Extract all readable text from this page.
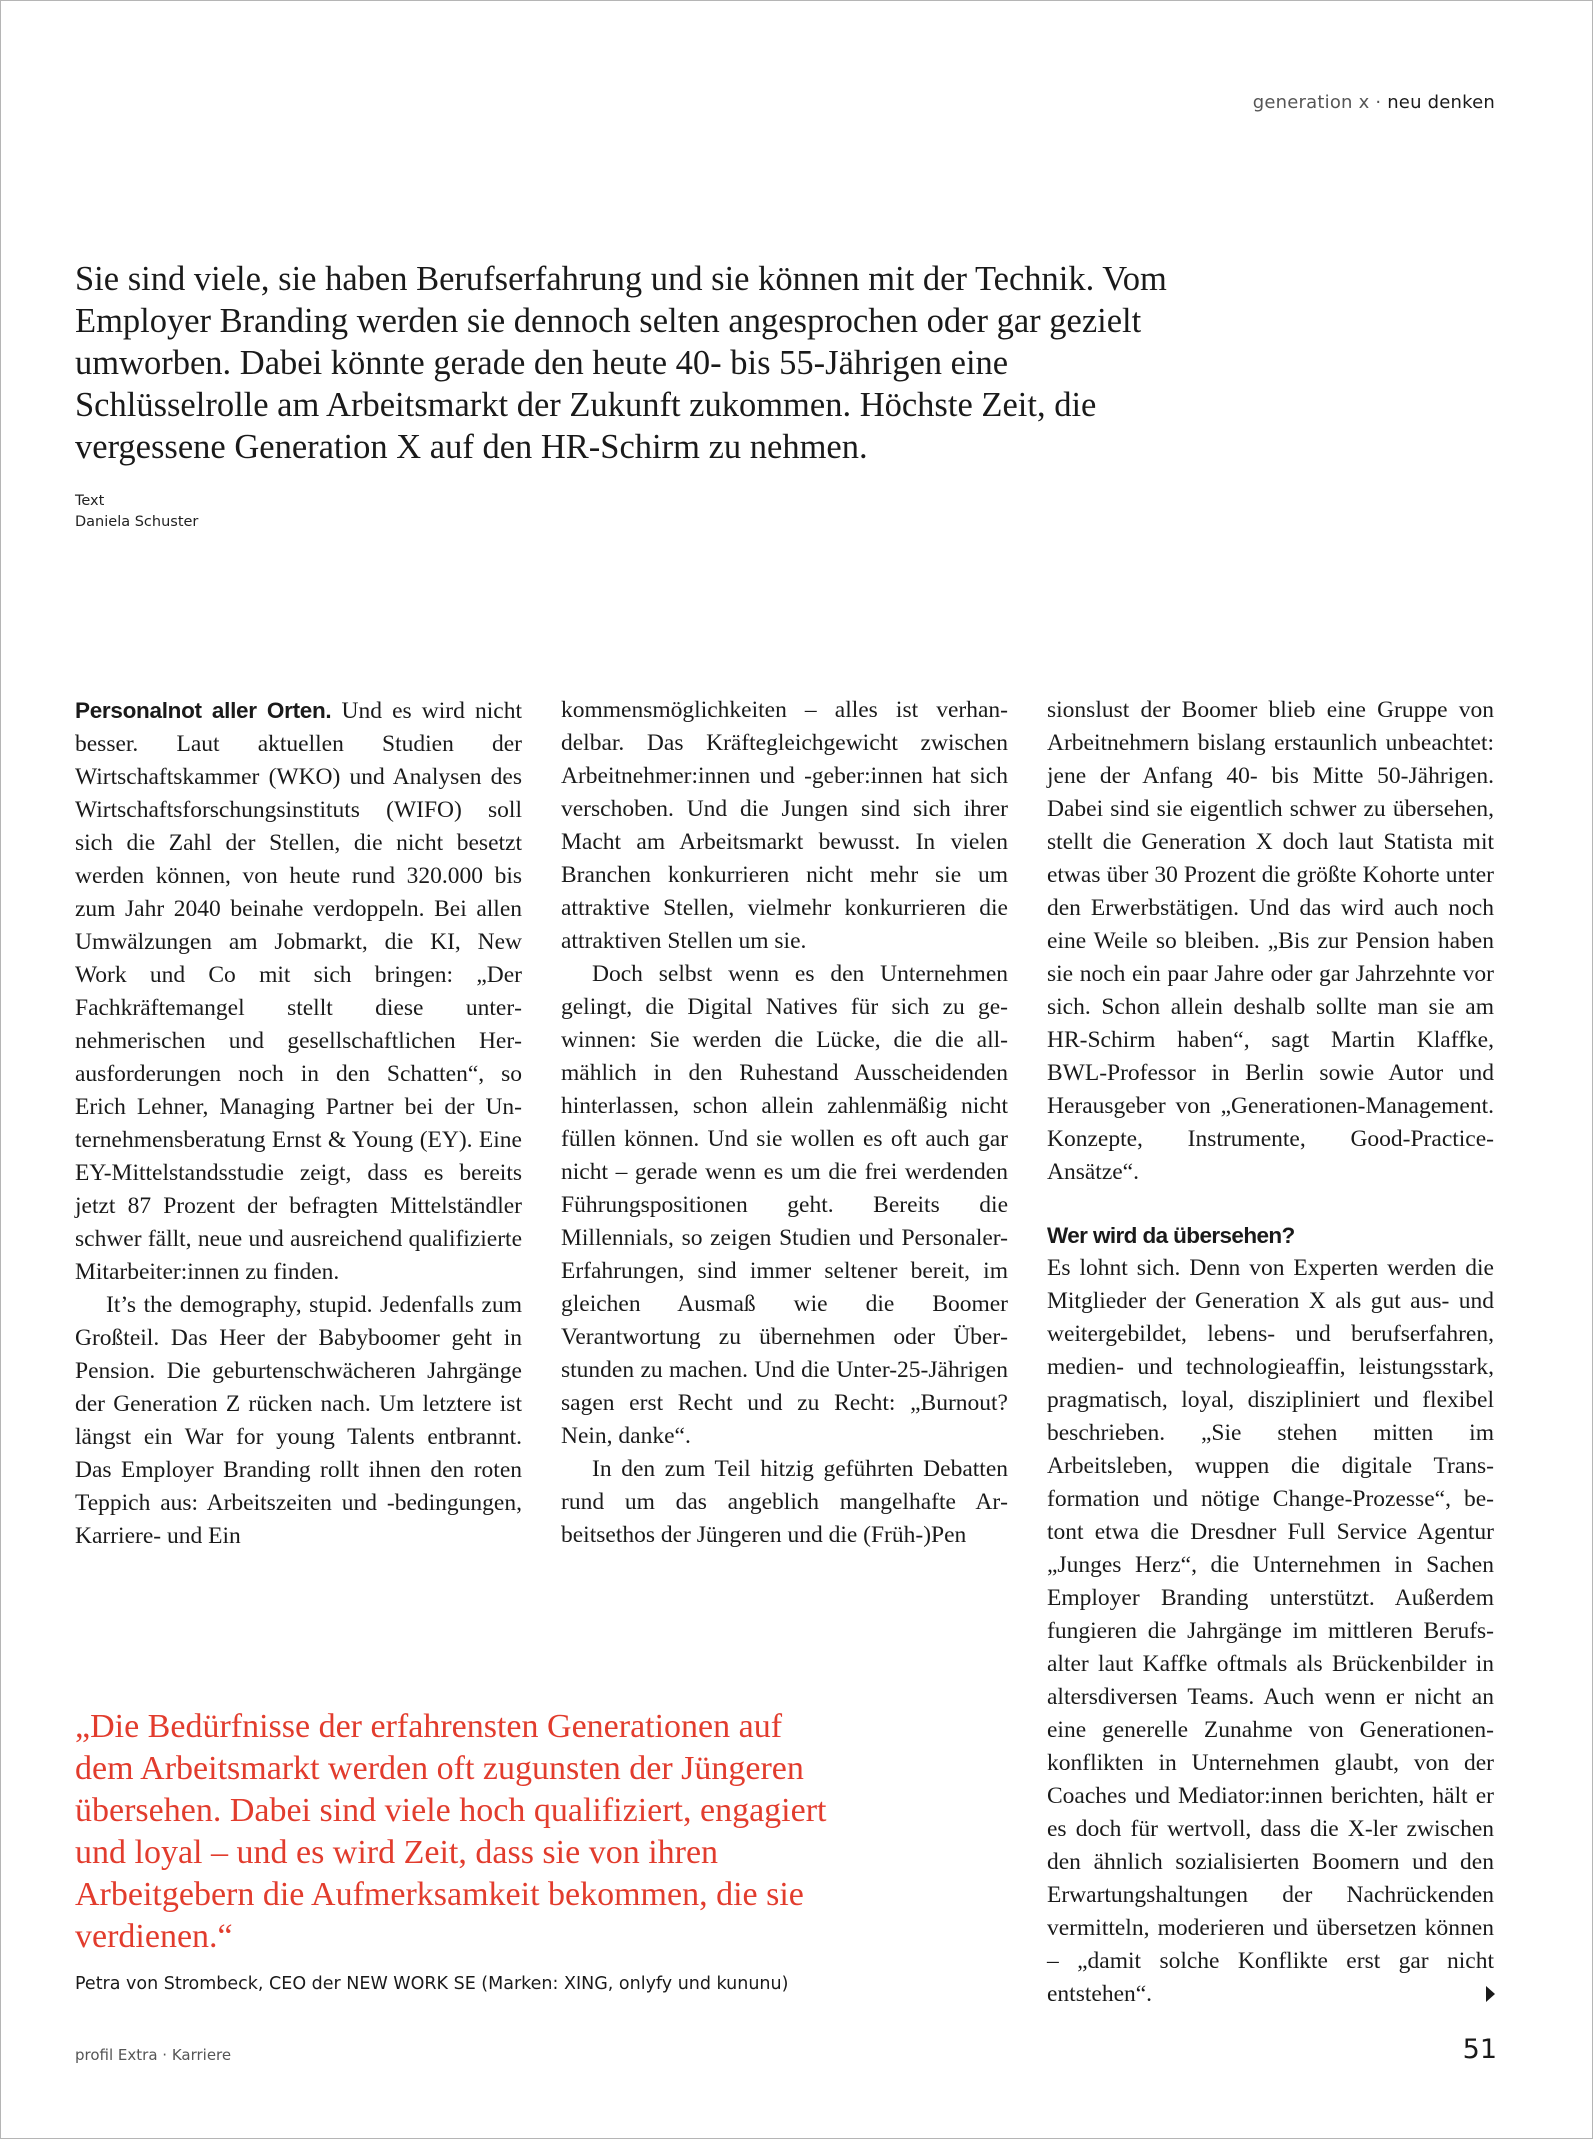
generation x · neu denken

Sie sind viele, sie haben Berufserfahrung und sie können mit der Technik. Vom Employer Branding werden sie dennoch selten angesprochen oder gar gezielt umworben. Dabei könnte gerade den heute 40- bis 55-Jährigen eine Schlüsselrolle am Arbeitsmarkt der Zukunft zukommen. Höchste Zeit, die vergessene Generation X auf den HR-Schirm zu nehmen.

Text
Daniela Schuster

Personalnot aller Orten. Und es wird nicht besser. Laut aktuellen Studien der Wirtschaftskammer (WKO) und Analysen des Wirtschaftsforschungsinstituts (WIFO) soll sich die Zahl der Stellen, die nicht besetzt werden können, von heute rund 320.000 bis zum Jahr 2040 beinahe verdoppeln. Bei allen Umwälzungen am Jobmarkt, die KI, New Work und Co mit sich bringen: „Der Fachkräftemangel stellt diese unternehmerischen und gesellschaftlichen Herausforderungen noch in den Schatten“, so Erich Lehner, Managing Partner bei der Unternehmensberatung Ernst & Young (EY). Eine EY-Mittelstandsstudie zeigt, dass es bereits jetzt 87 Prozent der befragten Mittelständler schwer fällt, neue und ausreichend qualifizierte Mitarbeiter:innen zu finden.

It’s the demography, stupid. Jedenfalls zum Großteil. Das Heer der Babyboomer geht in Pension. Die geburtenschwächeren Jahrgänge der Generation Z rücken nach. Um letztere ist längst ein War for young Talents entbrannt. Das Employer Branding rollt ihnen den roten Teppich aus: Arbeitszeiten und -bedingungen, Karriere- und Ein

kommensmöglichkeiten – alles ist verhandelbar. Das Kräftegleichgewicht zwischen Arbeitnehmer:innen und -geber:innen hat sich verschoben. Und die Jungen sind sich ihrer Macht am Arbeitsmarkt bewusst. In vielen Branchen konkurrieren nicht mehr sie um attraktive Stellen, vielmehr konkurrieren die attraktiven Stellen um sie.

Doch selbst wenn es den Unternehmen gelingt, die Digital Natives für sich zu gewinnen: Sie werden die Lücke, die die allmählich in den Ruhestand Ausscheidenden hinterlassen, schon allein zahlenmäßig nicht füllen können. Und sie wollen es oft auch gar nicht – gerade wenn es um die frei werdenden Führungspositionen geht. Bereits die Millennials, so zeigen Studien und Personaler-Erfahrungen, sind immer seltener bereit, im gleichen Ausmaß wie die Boomer Verantwortung zu übernehmen oder Überstunden zu machen. Und die Unter-25-Jährigen sagen erst Recht und zu Recht: „Burnout? Nein, danke“.

In den zum Teil hitzig geführten Debatten rund um das angeblich mangelhafte Arbeitsethos der Jüngeren und die (Früh-)Pen

sionslust der Boomer blieb eine Gruppe von Arbeitnehmern bislang erstaunlich unbeachtet: jene der Anfang 40- bis Mitte 50-Jährigen. Dabei sind sie eigentlich schwer zu übersehen, stellt die Generation X doch laut Statista mit etwas über 30 Prozent die größte Kohorte unter den Erwerbstätigen. Und das wird auch noch eine Weile so bleiben. „Bis zur Pension haben sie noch ein paar Jahre oder gar Jahrzehnte vor sich. Schon allein deshalb sollte man sie am HR-Schirm haben“, sagt Martin Klaffke, BWL-Professor in Berlin sowie Autor und Herausgeber von „Generationen-Management. Konzepte, Instrumente, Good-Practice-Ansätze“.

Wer wird da übersehen?

Es lohnt sich. Denn von Experten werden die Mitglieder der Generation X als gut aus- und weitergebildet, lebens- und berufserfahren, medien- und technologieaffin, leistungsstark, pragmatisch, loyal, diszipliniert und flexibel beschrieben. „Sie stehen mitten im Arbeitsleben, wuppen die digitale Transformation und nötige Change-Prozesse“, betont etwa die Dresdner Full Service Agentur „Junges Herz“, die Unternehmen in Sachen Employer Branding unterstützt. Außerdem fungieren die Jahrgänge im mittleren Berufsalter laut Kaffke oftmals als Brückenbilder in altersdiversen Teams. Auch wenn er nicht an eine generelle Zunahme von Generationenkonflikten in Unternehmen glaubt, von der Coaches und Mediator:innen berichten, hält er es doch für wertvoll, dass die X-ler zwischen den ähnlich sozialisierten Boomern und den Erwartungshaltungen der Nachrückenden vermitteln, moderieren und übersetzen können – „damit solche Konflikte erst gar nicht entstehen“.

„Die Bedürfnisse der erfahrensten Generationen auf dem Arbeitsmarkt werden oft zugunsten der Jüngeren übersehen. Dabei sind viele hoch qualifiziert, engagiert und loyal – und es wird Zeit, dass sie von ihren Arbeitgebern die Aufmerksamkeit bekommen, die sie verdienen.“

Petra von Strombeck, CEO der NEW WORK SE (Marken: XING, onlyfy und kununu)
profil Extra · Karriere	51
